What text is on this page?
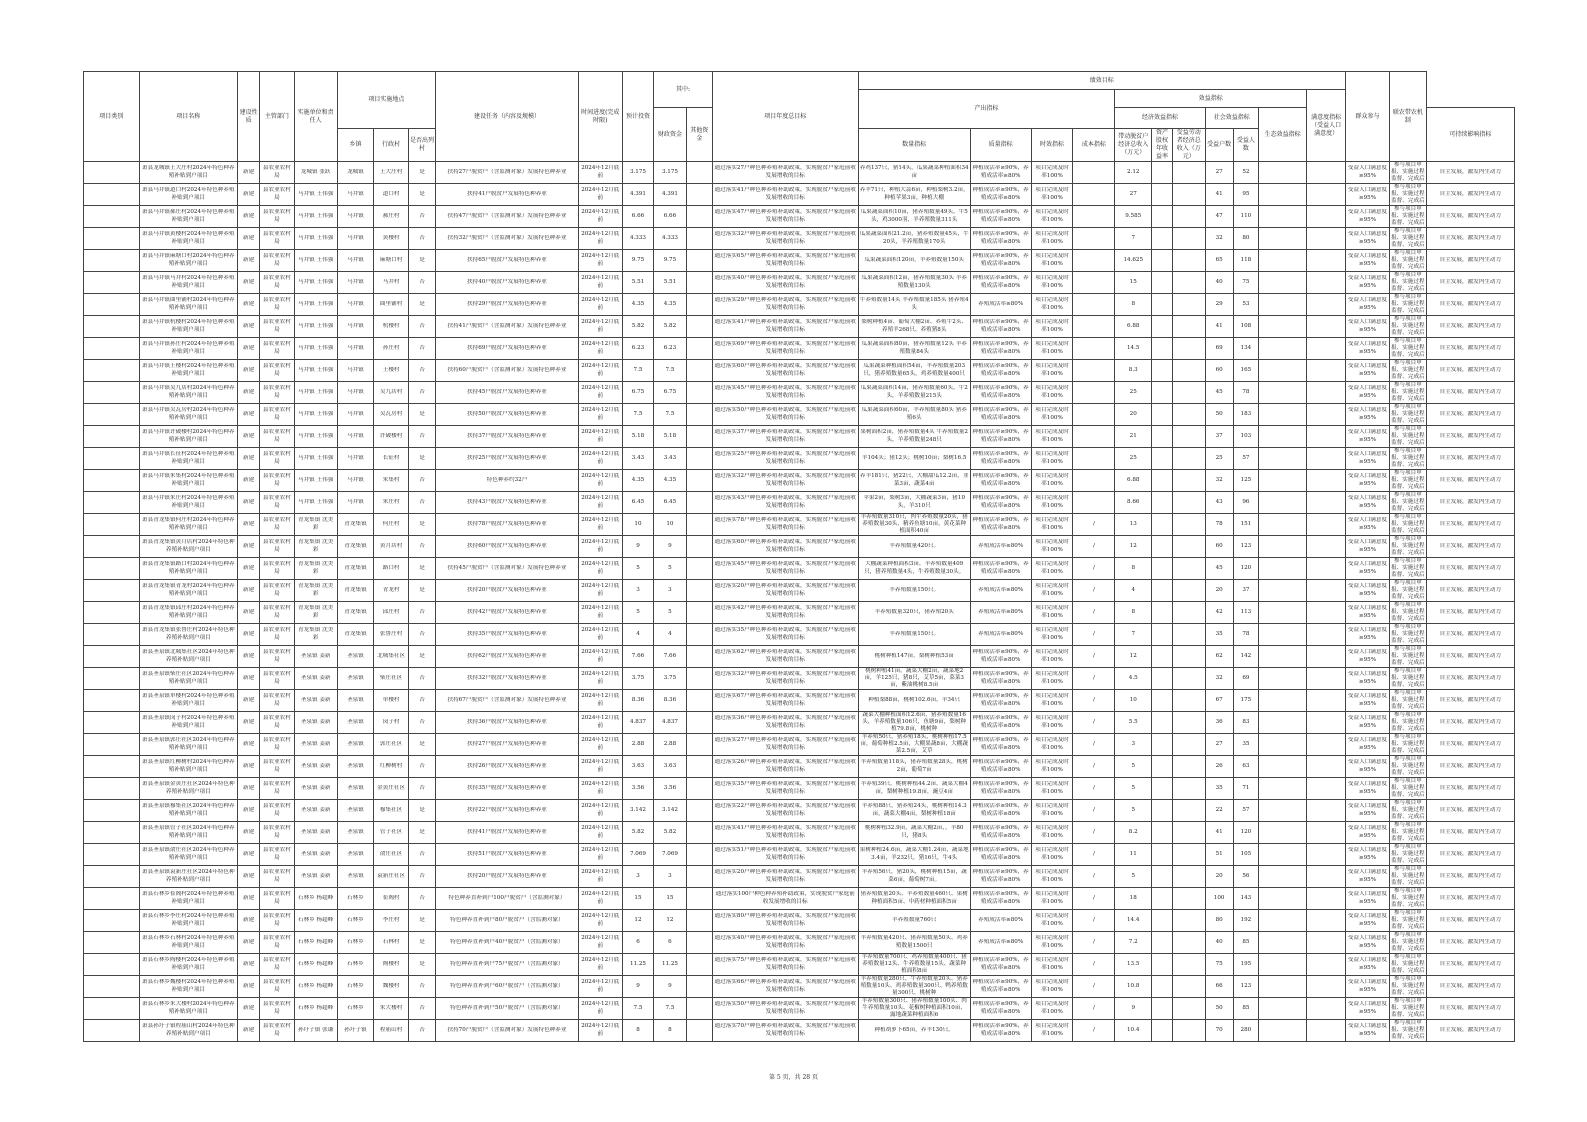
项目类别	项目名称	建设性质	主管部门	实施单位和责任人	项目实施地点			建设任务（内容及规模）	时间进度(完成时限)	预计投资	其中:		项目年度总目标	绩效目标											群众参与	联农带农机制	
														产出指标				效益指标						满意度指标（受益人口满意度）			
											财政资金	其他资金						经济效益指标			社会效益指标		生态效益指标				可持续影响指标
					乡镇	行政村	是否出列村							数量指标	质量指标	时效指标	成本指标	带动脱贫户经济总收入（万元）	资产股权年收益率	受益劳动者经济总收入（万元）	受益户数	受益人数					

	萧县龙城镇王大庄村2024年特色种养殖补贴到户项目	新建	县农业农村局	龙城镇 张跃	龙城镇	王大庄村	是	扶持27户脱贫户（含监测对象）发展特色种养业	2024年12月底前	3.175	3.175		通过落实27户种色种养殖补助政策，实现脱贫户家庭前收发展增收的目标	养鸡137只，猪14头，瓜果蔬菜种植面积34亩	种植成活率≥90%，养殖成活率≥80%	项目完成及时率100%		2.12			27	52			受益人口满意度≥95%	参与项目申报、实施过程监督、完成后	自主发展，激发内生动力

	萧县马井镇道口村2024年特色种养殖补贴到户项目	新建	县农业农村局	马井镇 王伟强	马井镇	道口村	是	扶持41户脱贫户发展特色种养业	2024年12月底前	4.391	4.391		通过落实41户种色种养殖补助政策，实现脱贫户家庭前收发展增收的目标	养羊71只，种植大蒜6亩，种植梨树3.2亩，种植苹果3亩，种植大棚	种植成活率≥90%，养殖成活率≥80%	项目完成及时率100%		27			41	95			受益人口满意度≥95%	参与项目申报、实施过程监督、完成后	自主发展，激发内生动力

	萧县马井镇郝庄村2024年特色种养殖补贴到户项目	新建	县农业农村局	马井镇 王伟强	马井镇	郝庄村	否	扶持47户脱贫户（含监测对象）发展特色种养业	2024年12月底前	6.66	6.66		通过落实47户种色种养殖补助政策，实现脱贫户家庭前收发展增收的目标	瓜果蔬菜面积10亩，猪养殖数量49头，牛5头，鸡3000羽，羊养殖数量311头	种植成活率≥90%，养殖成活率≥80%	项目完成及时率100%		9.585			47	110			受益人口满意度≥95%	参与项目申报、实施过程监督、完成后	自主发展，激发内生动力

	萧县马井镇黄楼村2024年特色种养殖补贴到户项目	新建	县农业农村局	马井镇 王伟强	马井镇	黄楼村	否	扶持32户脱贫户（含监测对象）发展特色种养业	2024年12月底前	4.333	4.333		通过落实32户种色种养殖补助政策，实现脱贫户家庭前收发展增收的目标	瓜果蔬菜面积21.2亩，猪养殖数量45头，牛20头，羊养殖数量170头	种植成活率≥90%，养殖成活率≥80%	项目完成及时率100%		7			32	80			受益人口满意度≥95%	参与项目申报、实施过程监督、完成后	自主发展，激发内生动力

	萧县马井镇麻塘口村2024年特色种养殖补贴到户项目	新建	县农业农村局	马井镇 王伟强	马井镇	麻塘口村	是	扶持65户脱贫户发展特色种养业	2024年12月底前	9.75	9.75		通过落实65户种色种养殖补助政策，实现脱贫户家庭前收发展增收的目标	瓜果蔬菜面积120亩，羊养殖数量150头	种植成活率≥90%，养殖成活率≥80%	项目完成及时率100%		14.625			65	118			受益人口满意度≥95%	参与项目申报、实施过程监督、完成后	自主发展，激发内生动力

	萧县马井镇马井村2024年特色种养殖补贴到户项目	新建	县农业农村局	马井镇 王伟强	马井镇	马井村	否	扶持40户脱贫户发展特色种养业	2024年12月底前	5.51	5.51		通过落实40户种色种养殖补助政策，实现脱贫户家庭前收发展增收的目标	瓜果蔬菜面积12亩，猪养殖数量30头 羊养殖数量130头	种植成活率≥90%，养殖成活率≥80%	项目完成及时率100%		15			40	75			受益人口满意度≥95%	参与项目申报、实施过程监督、完成后	自主发展，激发内生动力

	萧县马井镇曲里铺村2024年特色种养殖补贴到户项目	新建	县农业农村局	马井镇 王伟强	马井镇	曲里铺村	是	扶持29户脱贫户发展特色种养业	2024年12月底前	4.35	4.35		通过落实29户种色种养殖补助政策，实现脱贫户家庭前收发展增收的目标	牛养殖数量14头 羊养殖数量185头 猪养殖4头	养殖成活率≥80%	项目完成及时率100%		8			29	53			受益人口满意度≥95%	参与项目申报、实施过程监督、完成后	自主发展，激发内生动力

	萧县马井镇杭楼村2024年特色种养殖补贴到户项目	新建	县农业农村局	马井镇 王伟强	马井镇	杭楼村	否	扶持41户脱贫户（含监测对象）发展特色种养业	2024年12月底前	5.82	5.82		通过落实41户种色种养殖补助政策，实现脱贫户家庭前收发展增收的目标	梨树种植4亩、葡萄大棚2亩、养殖牛2头、养殖羊268只、养殖猪8头	种植成活率≥90%，养殖成活率≥80%	项目完成及时率100%		6.88			41	108			受益人口满意度≥95%	参与项目申报、实施过程监督、完成后	自主发展，激发内生动力

	萧县马井镇孙庄村2024年特色种养殖补贴到户项目	新建	县农业农村局	马井镇 王伟强	马井镇	孙庄村	否	扶持69户脱贫户发展特色种养业	2024年12月底前	6.23	6.23		通过落实69户种色种养殖补助政策，实现脱贫户家庭前收发展增收的目标	瓜果蔬菜面积80亩，猪养殖数量12头 羊养殖数量84头	种植成活率≥90%，养殖成活率≥80%	项目完成及时率100%		14.5			69	134			受益人口满意度≥95%	参与项目申报、实施过程监督、完成后	自主发展，激发内生动力

	萧县马井镇王楼村2024年特色种养殖补贴到户项目	新建	县农业农村局	马井镇 王伟强	马井镇	王楼村	否	扶持60户脱贫户（含监测对象）发展特色种养业	2024年12月底前	7.5	7.5		通过落实60户种色种养殖补助政策，实现脱贫户家庭前收发展增收的目标	瓜果蔬菜种植面积54亩，羊养殖数量203只，猪养殖数量65头，鸡养殖数量400只	种植成活率≥90%，养殖成活率≥80%	项目完成及时率100%		8.3			60	165			受益人口满意度≥95%	参与项目申报、实施过程监督、完成后	自主发展，激发内生动力

	萧县马井镇吴九店村2024年特色种养殖补贴到户项目	新建	县农业农村局	马井镇 王伟强	马井镇	吴九店村	否	扶持45户脱贫户发展特色种养业	2024年12月底前	6.75	6.75		通过落实45户种色种养殖补助政策，实现脱贫户家庭前收发展增收的目标	瓜果蔬菜面积14亩，猪养殖数量60头，牛2头，羊养殖数量215头	种植成活率≥90%，养殖成活率≥80%	项目完成及时率100%		25			45	78			受益人口满意度≥95%	参与项目申报、实施过程监督、完成后	自主发展，激发内生动力

	萧县马井镇吴瓦房村2024年特色种养殖补贴到户项目	新建	县农业农村局	马井镇 王伟强	马井镇	吴瓦房村	是	扶持50户脱贫户发展特色种养业	2024年12月底前	7.5	7.5		通过落实50户种色种养殖补助政策，实现脱贫户家庭前收发展增收的目标	瓜果蔬菜面积60亩，羊养殖数量80头 猪养殖6头	种植成活率≥90%，养殖成活率≥80%	项目完成及时率100%		20			50	183			受益人口满意度≥95%	参与项目申报、实施过程监督、完成后	自主发展，激发内生动力

	萧县马井镇许破楼村2024年特色种养殖补贴到户项目	新建	县农业农村局	马井镇 王伟强	马井镇	许破楼村	否	扶持37户脱贫户发展特色种养业	2024年12月底前	5.18	5.18		通过落实37户种色种养殖补助政策，实现脱贫户家庭前收发展增收的目标	果树面积2亩，猪养殖数量4头 牛养殖数量2头，羊养殖数量248只	种植成活率≥90%，养殖成活率≥80%	项目完成及时率100%		21			37	103			受益人口满意度≥95%	参与项目申报、实施过程监督、完成后	自主发展，激发内生动力

	萧县马井镇长征村2024年特色种养殖补贴到户项目	新建	县农业农村局	马井镇 王伟强	马井镇	长征村	是	扶持25户脱贫户发展特色种养业	2024年12月底前	3.43	3.43		通过落实25户种色种养殖补助政策，实现脱贫户家庭前收发展增收的目标	羊104头；猪12头；桃树10亩；梨树16.5	种植成活率≥90%，养殖成活率≥80%	项目完成及时率100%		25			25	57			受益人口满意度≥95%	参与项目申报、实施过程监督、完成后	自主发展，激发内生动力

	萧县马井镇朱集村2024年特色种养殖补贴到户项目	新建	县农业农村局	马井镇 王伟强	马井镇	朱集村	否	特色种养约32户	2024年12月底前	4.35	4.35		通过落实32户种色种养殖补助政策，实现脱贫户家庭前收发展增收的目标	养羊181只，猪22只，大棚甜瓜12.2亩，韭菜3亩，蔬菜4亩	种植成活率≥90%，养殖成活率≥80%	项目完成及时率100%		6.88			32	125			受益人口满意度≥95%	参与项目申报、实施过程监督、完成后	自主发展，激发内生动力

	萧县马井镇朱庄村2024年特色种养殖补贴到户项目	新建	县农业农村局	马井镇 王伟强	马井镇	朱庄村	否	扶持43户脱贫户发展特色种养业	2024年12月底前	6.45	6.45		通过落实43户种色种养殖补助政策，实现脱贫户家庭前收发展增收的目标	苹果2亩，梨树3亩，大棚蔬菜3亩，猪10头，羊310只	种植成活率≥90%，养殖成活率≥80%	项目完成及时率100%		8.66			43	96			受益人口满意度≥95%	参与项目申报、实施过程监督、完成后	自主发展，激发内生动力

	萧县青龙集镇何庄村2024年特色种养殖补贴到户项目	新建	县农业农村局	青龙集镇 沈美彩	青龙集镇	何庄村	是	扶持78户脱贫户发展特色种养业	2024年12月底前	10	10		通过落实78户种色种养殖补助政策，实现脱贫户家庭前收发展增收的目标	羊养殖数量310只，肉牛养殖数量20头，猪养殖数量30头，精养鱼塘10亩，黄花菜种植面积40亩	种植成活率≥90%，养殖成活率≥80%	项目完成及时率100%	/	13			78	151			受益人口满意度≥95%	参与项目申报、实施过程监督、完成后	自主发展，激发内生动力

	萧县青龙集镇黄月店村2024年特色种养殖补贴到户项目	新建	县农业农村局	青龙集镇 沈美彩	青龙集镇	黄月店村	否	扶持60户脱贫户发展特色种养业	2024年12月底前	9	9		通过落实60户种色种养殖补助政策，实现脱贫户家庭前收发展增收的目标	羊养殖数量420只。	养殖成活率≥80%	项目完成及时率100%	/	12			60	123			受益人口满意度≥95%	参与项目申报、实施过程监督、完成后	自主发展，激发内生动力

	萧县青龙集镇路口村2024年特色种养殖补贴到户项目	新建	县农业农村局	青龙集镇 沈美彩	青龙集镇	路口村	是	扶持45户脱贫户（含监测对象）发展特色种养业	2024年12月底前	5	5		通过落实45户种色种养殖补助政策，实现脱贫户家庭前收发展增收的目标	大棚蔬菜种植面积3亩，羊养殖数量409只，猪养殖数量4头，牛养殖数量30头。	种植成活率≥90%，养殖成活率≥80%	项目完成及时率100%	/	8			45	120			受益人口满意度≥95%	参与项目申报、实施过程监督、完成后	自主发展，激发内生动力

	萧县青龙集镇青龙村2024年特色种养殖补贴到户项目	新建	县农业农村局	青龙集镇 沈美彩	青龙集镇	青龙村	是	扶持20户脱贫户发展特色种养业	2024年12月底前	3	3		通过落实20户种色种养殖补助政策，实现脱贫户家庭前收发展增收的目标	羊养殖数量150只。	养殖成活率≥80%	项目完成及时率100%	/	4			20	37			受益人口满意度≥95%	参与项目申报、实施过程监督、完成后	自主发展，激发内生动力

	萧县青龙集镇邱庄村2024年特色种养殖补贴到户项目	新建	县农业农村局	青龙集镇 沈美彩	青龙集镇	邱庄村	否	扶持42户脱贫户发展特色种养业	2024年12月底前	5	5		通过落实42户种色种养殖补助政策，实现脱贫户家庭前收发展增收的目标	羊养殖数量320只，猪养殖20头	养殖成活率≥80%	项目完成及时率100%	/	8			42	113			受益人口满意度≥95%	参与项目申报、实施过程监督、完成后	自主发展，激发内生动力

	萧县青龙集镇张鲁庄村2024年特色种养殖补贴到户项目	新建	县农业农村局	青龙集镇 沈美彩	青龙集镇	张鲁庄村	否	扶持35户脱贫户发展特色种养业	2024年12月底前	4	4		通过落实35户种色种养殖补助政策，实现脱贫户家庭前收发展增收的目标	羊养殖数量150只。	养殖成活率≥80%	项目完成及时率100%	/	7			35	78			受益人口满意度≥95%	参与项目申报、实施过程监督、完成后	自主发展，激发内生动力

	萧县圣泉镇北城集社区2024年特色种养殖补贴到户项目	新建	县农业农村局	圣泉镇 姜新	圣泉镇	北城集社区	是	扶持62户脱贫户发展特色种养业	2024年12月底前	7.66	7.66		通过落实62户种色种养殖补助政策，实现脱贫户家庭前收发展增收的目标	桃树种植147亩，梨树种植53亩	种植成活率≥90%，养殖成活率≥80%	项目完成及时率100%	/	12			62	142			受益人口满意度≥95%	参与项目申报、实施过程监督、完成后	自主发展，激发内生动力

	萧县圣泉镇柴庄社区2024年特色种养殖补贴到户项目	新建	县农业农村局	圣泉镇 姜新	圣泉镇	柴庄社区	否	扶持32户脱贫户发展特色种养业	2024年12月底前	3.75	3.75		通过落实32户种色种养殖补助政策，实现脱贫户家庭前收发展增收的目标	桃树种植41亩，蔬菜大棚2亩，蔬菜地2亩，羊125只，猪8只，艾草5亩，菜菜3亩，紫油桃树8.5亩	种植成活率≥90%，养殖成活率≥80%	项目完成及时率100%	/	4.5			32	69			受益人口满意度≥95%	参与项目申报、实施过程监督、完成后	自主发展，激发内生动力

	萧县圣泉镇单楼村2024年特色种养殖补贴到户项目	新建	县农业农村局	圣泉镇 姜新	圣泉镇	单楼村	否	扶持67户脱贫户（含监测对象）发展特色种养业	2024年12月底前	8.36	8.36		通过落实67户种色种养殖补助政策，实现脱贫户家庭前收发展增收的目标	种植梨88亩，桃树102.6亩，羊34只	种植成活率≥90%，养殖成活率≥80%	项目完成及时率100%	/	10			67	175			受益人口满意度≥95%	参与项目申报、实施过程监督、完成后	自主发展，激发内生动力

	萧县圣泉镇闵子村2024年特色种养殖补贴到户项目	新建	县农业农村局	圣泉镇 姜新	圣泉镇	闵子村	否	扶持36户脱贫户发展特色种养业	2024年12月底前	4.837	4.837		通过落实36户种色种养殖补助政策，实现脱贫户家庭前收发展增收的目标	蔬菜大棚种植面积12.6亩，猪养殖数量16头，羊养殖数量106只，鱼塘9亩，梨树种植79.8亩，桃树种	种植成活率≥90%，养殖成活率≥80%	项目完成及时率100%	/	5.5			36	83			受益人口满意度≥95%	参与项目申报、实施过程监督、完成后	自主发展，激发内生动力

	萧县圣泉镇郭庄社区2024年特色种养殖补贴到户项目	新建	县农业农村局	圣泉镇 姜新	圣泉镇	郭庄社区	是	扶持27户脱贫户发展特色种养业	2024年12月底前	2.88	2.88		通过落实27户种色种养殖补助政策，实现脱贫户家庭前收发展增收的目标	羊养殖50只，猪养殖18头，桃树种植17.5亩，葡萄种植2.5亩，大棚果蔬8亩，大棚蔬菜2.5亩，艾草	种植成活率≥90%，养殖成活率≥80%	项目完成及时率100%	/	3			27	35			受益人口满意度≥95%	参与项目申报、实施过程监督、完成后	自主发展，激发内生动力

	萧县圣泉镇红柳树村2024年特色种养殖补贴到户项目	新建	县农业农村局	圣泉镇 姜新	圣泉镇	红柳树村	否	扶持26户脱贫户发展特色种养业	2024年12月底前	3.63	3.63		通过落实26户种色种养殖补助政策，实现脱贫户家庭前收发展增收的目标	羊养殖数量118头，猪养殖数量28头，桃树2亩，葡萄7亩	种植成活率≥90%，养殖成活率≥80%	项目完成及时率100%	/	5			26	63			受益人口满意度≥95%	参与项目申报、实施过程监督、完成后	自主发展，激发内生动力

	萧县圣泉镇金黄庄社区2024年特色种养殖补贴到户项目	新建	县农业农村局	圣泉镇 姜新	圣泉镇	金黄庄社区	否	扶持35户脱贫户发展特色种养业	2024年12月底前	3.56	3.56		通过落实35户种色种养殖补助政策，实现脱贫户家庭前收发展增收的目标	羊养殖39只，桃树种植44.2亩，蔬菜大棚4亩，梨树种植19.8亩，豌豆4亩	种植成活率≥90%，养殖成活率≥80%	项目完成及时率100%	/	5			35	71			受益人口满意度≥95%	参与项目申报、实施过程监督、完成后	自主发展，激发内生动力

	萧县圣泉镇穆集社区2024年特色种养殖补贴到户项目	新建	县农业农村局	圣泉镇 姜新	圣泉镇	穆集社区	是	扶持22户脱贫户发展特色种养业	2024年12月底前	3.142	3.142		通过落实22户种色种养殖补助政策，实现脱贫户家庭前收发展增收的目标	羊养殖88只，猪养殖24头，桃树种植14.3亩，蔬菜大棚4亩，梨树种植18亩	种植成活率≥90%，养殖成活率≥80%	项目完成及时率100%	/	5			22	57			受益人口满意度≥95%	参与项目申报、实施过程监督、完成后	自主发展，激发内生动力

	萧县圣泉镇管子社区2024年特色种养殖补贴到户项目	新建	县农业农村局	圣泉镇 姜新	圣泉镇	管子社区	是	扶持41户脱贫户发展特色种养业	2024年12月底前	5.82	5.82		通过落实41户种色种养殖补助政策，实现脱贫户家庭前收发展增收的目标	桃树种植32.9亩，蔬菜大棚2亩，，羊80只，猪8头	种植成活率≥90%，养殖成活率≥80%	项目完成及时率100%	/	8.2			41	120			受益人口满意度≥95%	参与项目申报、实施过程监督、完成后	自主发展，激发内生动力

	萧县圣泉镇俞庄社区2024年特色种养殖补贴到户项目	新建	县农业农村局	圣泉镇 姜新	圣泉镇	俞庄社区	否	扶持51户脱贫户发展特色种养业	2024年12月底前	7.069	7.069		通过落实51户种色种养殖补助政策，实现脱贫户家庭前收发展增收的目标	果树种植24.6亩，蔬菜大棚1.24亩，蔬菜地3.4亩，羊232只，猪16只，牛4头	种植成活率≥90%，养殖成活率≥80%	项目完成及时率100%	/	11			51	105			受益人口满意度≥95%	参与项目申报、实施过程监督、完成后	自主发展，激发内生动力

	萧县圣泉镇袁新庄社区2024年特色种养殖补贴到户项目	新建	县农业农村局	圣泉镇 姜新	圣泉镇	袁新庄社区	否	扶持20户脱贫户发展特色种养业	2024年12月底前	3	3		通过落实20户种色种养殖补助政策，实现脱贫户家庭前收发展增收的目标	羊养殖56只，猪20头，桃树种植15亩，蔬菜6亩，葡萄树7亩。	种植成活率≥90%，养殖成活率≥80%	项目完成及时率100%	/	5			20	56			受益人口满意度≥95%	参与项目申报、实施过程监督、完成后	自主发展，激发内生动力

	萧县石林乡崔阁村2024年特色种养殖补贴到户项目	新建	县农业农村局	石林乡 杨超峰	石林乡	崔阁村	否	特色种养直补到户100户脱贫户（含监测对象）	2024年12月底前	15	15		通过落实100户种色种养殖补助政策，实现脱贫户家庭前收发展增收的目标	猪养殖数量20头、羊养殖数量460只、果树种植面积5亩、中药材种植面积5亩	种植成活率≥90%，养殖成活率≥80%	项目完成及时率100%	/	18			100	143			受益人口满意度≥95%	参与项目申报、实施过程监督、完成后	自主发展，激发内生动力

	萧县石林乡李庄村2024年特色种养殖补贴到户项目	新建	县农业农村局	石林乡 杨超峰	石林乡	李庄村	是	特色种养直补到户80户脱贫户（含监测对象）	2024年12月底前	12	12		通过落实80户种色种养殖补助政策，实现脱贫户家庭前收发展增收的目标	羊养殖数量760只	养殖成活率≥80%	项目完成及时率100%	/	14.4			80	192			受益人口满意度≥95%	参与项目申报、实施过程监督、完成后	自主发展，激发内生动力

	萧县石林乡石林村2024年特色种养殖补贴到户项目	新建	县农业农村局	石林乡 杨超峰	石林乡	石林村	是	特色种养直补到户40户脱贫户（含监测对象）	2024年12月底前	6	6		通过落实40户种色种养殖补助政策，实现脱贫户家庭前收发展增收的目标	羊养殖数量420只、猪养殖数量50头、鸡养殖数量1500只	养殖成活率≥80%	项目完成及时率100%	/	7.2			40	85			受益人口满意度≥95%	参与项目申报、实施过程监督、完成后	自主发展，激发内生动力

	萧县石林乡陶楼村2024年特色种养殖补贴到户项目	新建	县农业农村局	石林乡 杨超峰	石林乡	陶楼村	是	特色种养直补到户75户脱贫户（含监测对象）	2024年12月底前	11.25	11.25		通过落实75户种色种养殖补助政策，实现脱贫户家庭前收发展增收的目标	羊养殖数量700只、鸡养殖数量400只、猪养殖数量12头、牛养殖数量15头、蔬菜种植面积8亩	种植成活率≥90%，养殖成活率≥80%	项目完成及时率100%	/	13.5			75	195			受益人口满意度≥95%	参与项目申报、实施过程监督、完成后	自主发展，激发内生动力

	萧县石林乡魏楼村2024年特色种养殖补贴到户项目	新建	县农业农村局	石林乡 杨超峰	石林乡	魏楼村	否	特色种养直补到户60户脱贫户（含监测对象）	2024年12月底前	9	9		通过落实66户种色种养殖补助政策，实现脱贫户家庭前收发展增收的目标	羊养殖数量280只、牛养殖数量20头、猪养殖数量10头、鸡养殖数量300只、鸭养殖数量300只、桃树种	种植成活率≥90%，养殖成活率≥80%	项目完成及时率100%	/	10.8			66	123			受益人口满意度≥95%	参与项目申报、实施过程监督、完成后	自主发展，激发内生动力

	萧县石林乡朱大楼村2024年特色种养殖补贴到户项目	新建	县农业农村局	石林乡 杨超峰	石林乡	朱大楼村	否	特色种养直补到户50户脱贫户（含监测对象）	2024年12月底前	7.5	7.5		通过落实50户种色种养殖补助政策，实现脱贫户家庭前收发展增收的目标	羊养殖数量300只、猪养殖数量100头、肉牛养殖数量10头、花椒树种植面积10亩、露地蔬菜种植面积6	种植成活率≥90%，养殖成活率≥80%	项目完成及时率100%	/	9			50	85			受益人口满意度≥95%	参与项目申报、实施过程监督、完成后	自主发展，激发内生动力

	萧县孙圩子镇程庙山村2024年特色种养殖补贴到户项目	新建	县农业农村局	孙圩子镇 张谦	孙圩子镇	程庙山村	否	扶持70户脱贫户（含监测对象）发展特色种养业	2024年12月底前	8	8		通过落实70户种色种养殖补助政策，实现脱贫户家庭前收发展增收的目标	种植胡萝卜65亩，养羊130只。	种植成活率≥90%，养殖成活率≥80%	项目完成及时率100%	/	10.4			70	280			受益人口满意度≥95%	参与项目申报、实施过程监督、完成后	自主发展，激发内生动力
第 5 页，共 28 页
